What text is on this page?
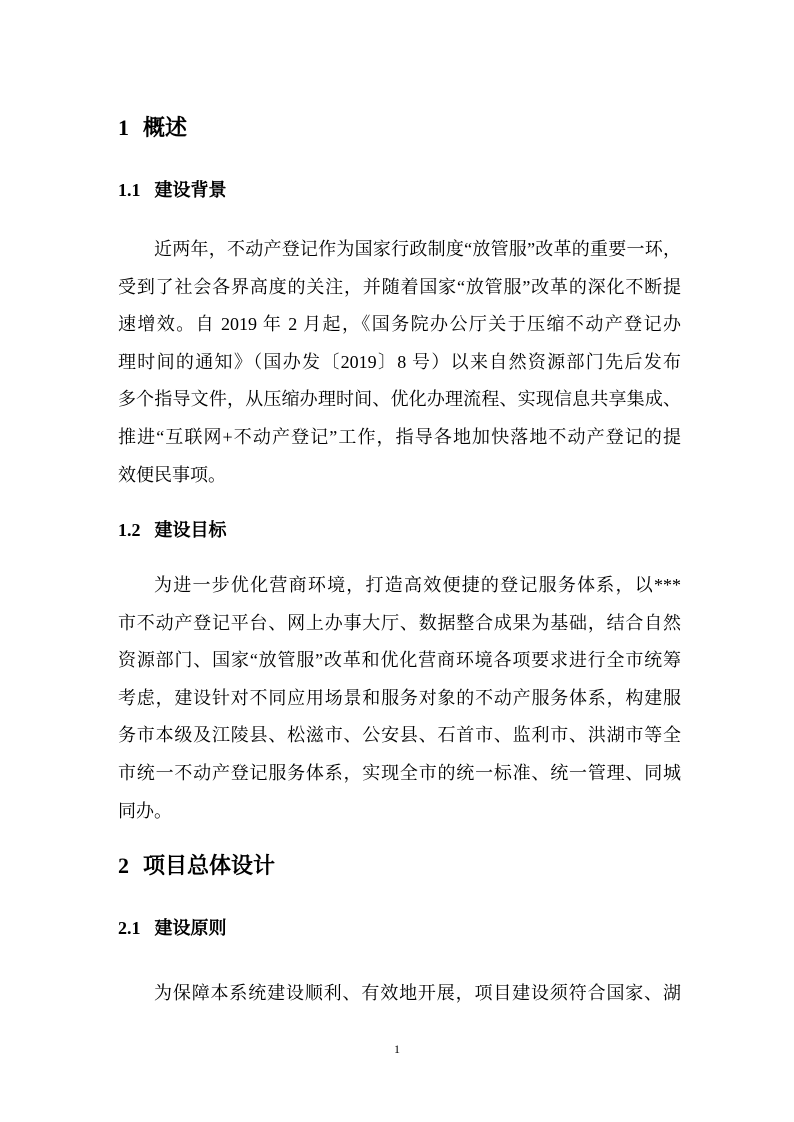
1 概述
1.1 建设背景
近两年，不动产登记作为国家行政制度“放管服”改革的重要一环，
受到了社会各界高度的关注，并随着国家“放管服”改革的深化不断提
速增效。自 2019 年 2 月起，《国务院办公厅关于压缩不动产登记办
理时间的通知》（国办发〔2019〕8 号）以来自然资源部门先后发布
多个指导文件，从压缩办理时间、优化办理流程、实现信息共享集成、
推进“互联网+不动产登记”工作，指导各地加快落地不动产登记的提
效便民事项。
1.2 建设目标
为进一步优化营商环境，打造高效便捷的登记服务体系，以***
市不动产登记平台、网上办事大厅、数据整合成果为基础，结合自然
资源部门、国家“放管服”改革和优化营商环境各项要求进行全市统筹
考虑，建设针对不同应用场景和服务对象的不动产服务体系，构建服
务市本级及江陵县、松滋市、公安县、石首市、监利市、洪湖市等全
市统一不动产登记服务体系，实现全市的统一标准、统一管理、同城
同办。
2 项目总体设计
2.1 建设原则
为保障本系统建设顺利、有效地开展，项目建设须符合国家、湖
1
